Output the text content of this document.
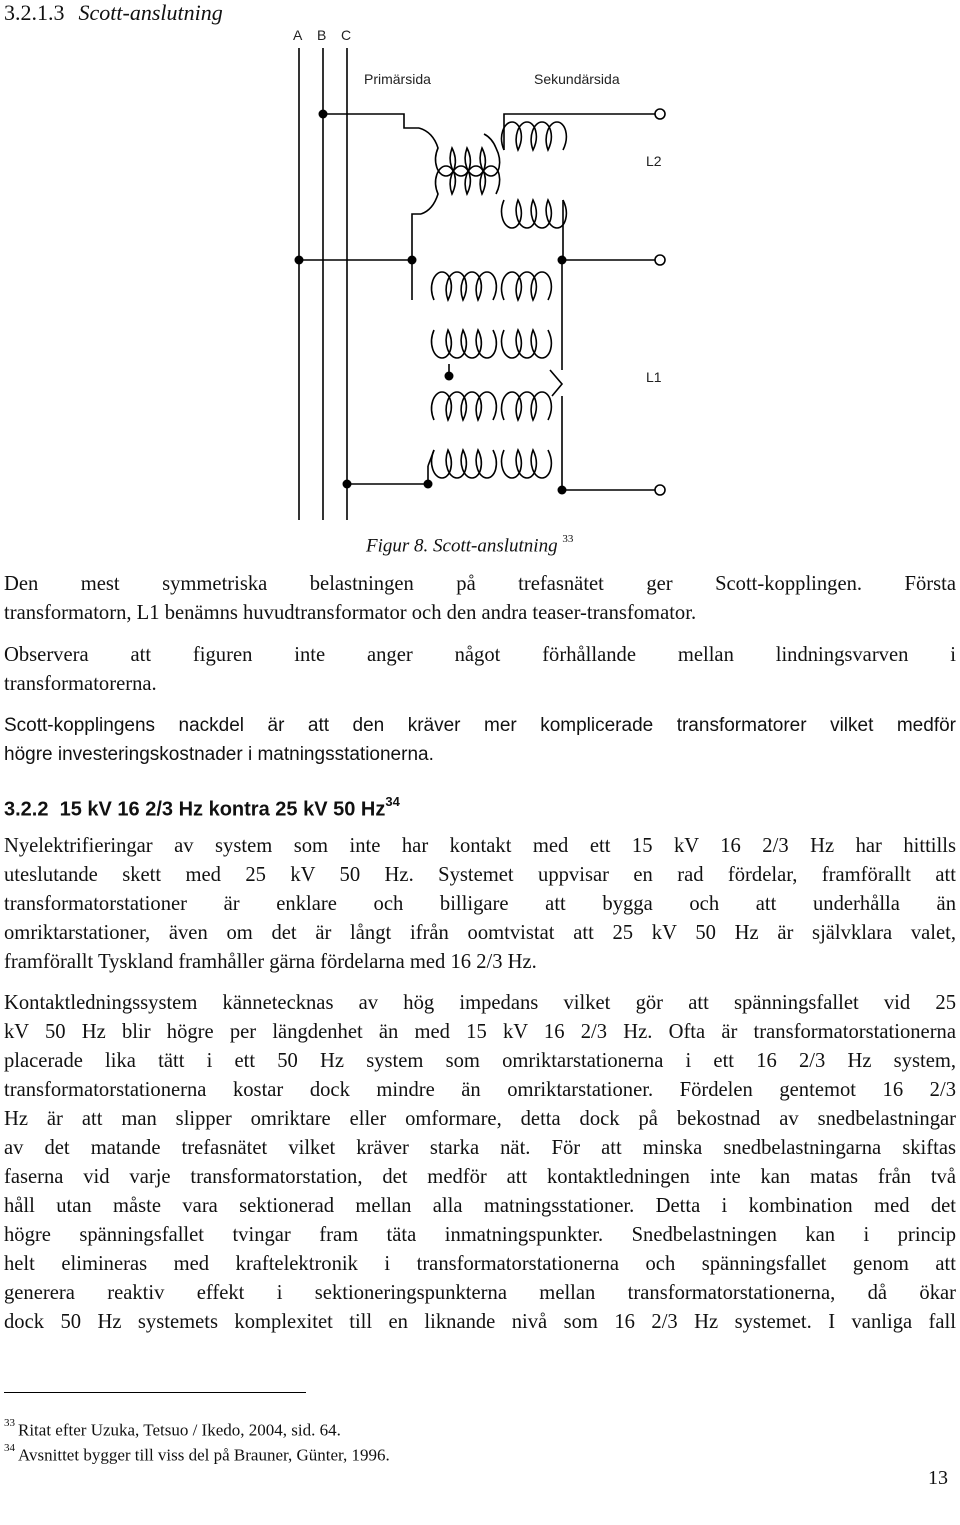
3.2.1.3 Scott-anslutning
A B C
Primärsida	Sekundärsida
L2
L1
Figur 8. Scott-anslutning $^{33}$
Den mest symmetriska belastningen på trefasnätet ger Scott-kopplingen. Första
transformatorn, L1 benämns huvudtransformator och den andra teaser-transfomator.
Observera att figuren inte anger något förhållande mellan lindningsvarven i
transformatorerna.
Scott-kopplingens nackdel är att den kräver mer komplicerade transformatorer vilket medför
högre investeringskostnader i matningsstationerna.
3.2.2 15 kV 16 2/3 Hz kontra 25 kV 50 Hz$^{34}$
Nyelektrifieringar av system som inte har kontakt med ett 15 kV 16 2/3 Hz har hittills
uteslutande skett med 25 kV 50 Hz. Systemet uppvisar en rad fördelar, framförallt att
transformatorstationer är enklare och billigare att bygga och att underhålla än
omriktarstationer, även om det är långt ifrån oomtvistat att 25 kV 50 Hz är självklara valet,
framförallt Tyskland framhåller gärna fördelarna med 16 2/3 Hz.
Kontaktledningssystem kännetecknas av hög impedans vilket gör att spänningsfallet vid 25
kV 50 Hz blir högre per längdenhet än med 15 kV 16 2/3 Hz. Ofta är transformatorstationerna
placerade lika tätt i ett 50 Hz system som omriktarstationerna i ett 16 2/3 Hz system,
transformatorstationerna kostar dock mindre än omriktarstationer. Fördelen gentemot 16 2/3
Hz är att man slipper omriktare eller omformare, detta dock på bekostnad av snedbelastningar
av det matande trefasnätet vilket kräver starka nät. För att minska snedbelastningarna skiftas
faserna vid varje transformatorstation, det medför att kontaktledningen inte kan matas från två
håll utan måste vara sektionerad mellan alla matningsstationer. Detta i kombination med det
högre spänningsfallet tvingar fram täta inmatningspunkter. Snedbelastningen kan i princip
helt elimineras med kraftelektronik i transformatorstationerna och spänningsfallet genom att
generera reaktiv effekt i sektioneringspunkterna mellan transformatorstationerna, då ökar
dock 50 Hz systemets komplexitet till en liknande nivå som 16 2/3 Hz systemet. I vanliga fall
$^{33}$ Ritat efter Uzuka, Tetsuo / Ikedo, 2004, sid. 64.
$^{34}$ Avsnittet bygger till viss del på Brauner, Günter, 1996.
13
